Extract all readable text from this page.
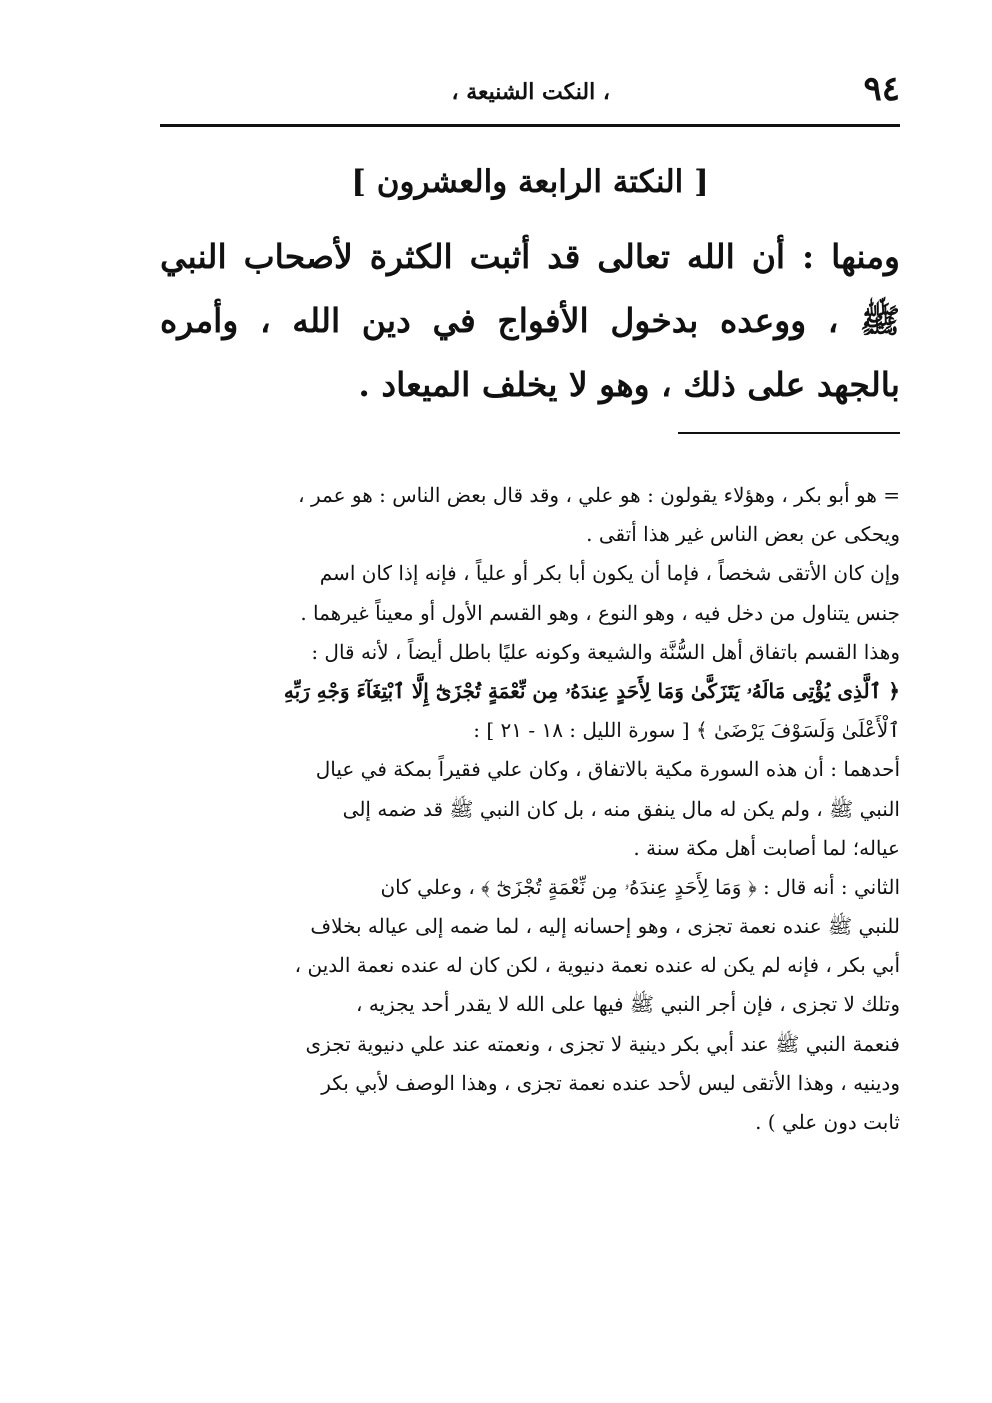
٩٤
، النكت الشنيعة ،
[ النكتة الرابعة والعشرون ]

ومنها : أن الله تعالى قد أثبت الكثرة لأصحاب النبي ﷺ ، ووعده بدخول الأفواج في دين الله ، وأمره بالجهد على ذلك ، وهو لا يخلف الميعاد .

= هو أبو بكر ، وهؤلاء يقولون : هو علي ، وقد قال بعض الناس : هو عمر ،

ويحكى عن بعض الناس غير هذا أتقى .

وإن كان الأتقى شخصاً ، فإما أن يكون أبا بكر أو علياً ، فإنه إذا كان اسم

جنس يتناول من دخل فيه ، وهو النوع ، وهو القسم الأول أو معيناً غيرهما .

وهذا القسم باتفاق أهل السُّنَّة والشيعة وكونه عليًا باطل أيضاً ، لأنه قال :

﴿ ٱلَّذِى يُؤْتِى مَالَهُۥ يَتَزَكَّىٰ وَمَا لِأَحَدٍ عِندَهُۥ مِن نِّعْمَةٍ تُجْزَىٰٓ إِلَّا ٱبْتِغَآءَ وَجْهِ رَبِّهِ

ٱلْأَعْلَىٰ وَلَسَوْفَ يَرْضَىٰ ﴾ [ سورة الليل : ١٨ - ٢١ ] :

أحدهما : أن هذه السورة مكية بالاتفاق ، وكان علي فقيراً بمكة في عيال

النبي ﷺ ، ولم يكن له مال ينفق منه ، بل كان النبي ﷺ قد ضمه إلى

عياله؛ لما أصابت أهل مكة سنة .

الثاني : أنه قال : ﴿ وَمَا لِأَحَدٍ عِندَهُۥ مِن نِّعْمَةٍ تُجْزَىٰٓ ﴾ ، وعلي كان

للنبي ﷺ عنده نعمة تجزى ، وهو إحسانه إليه ، لما ضمه إلى عياله بخلاف

أبي بكر ، فإنه لم يكن له عنده نعمة دنيوية ، لكن كان له عنده نعمة الدين ،

وتلك لا تجزى ، فإن أجر النبي ﷺ فيها على الله لا يقدر أحد يجزيه ،

فنعمة النبي ﷺ عند أبي بكر دينية لا تجزى ، ونعمته عند علي دنيوية تجزى

ودينيه ، وهذا الأتقى ليس لأحد عنده نعمة تجزى ، وهذا الوصف لأبي بكر

ثابت دون علي ) .
